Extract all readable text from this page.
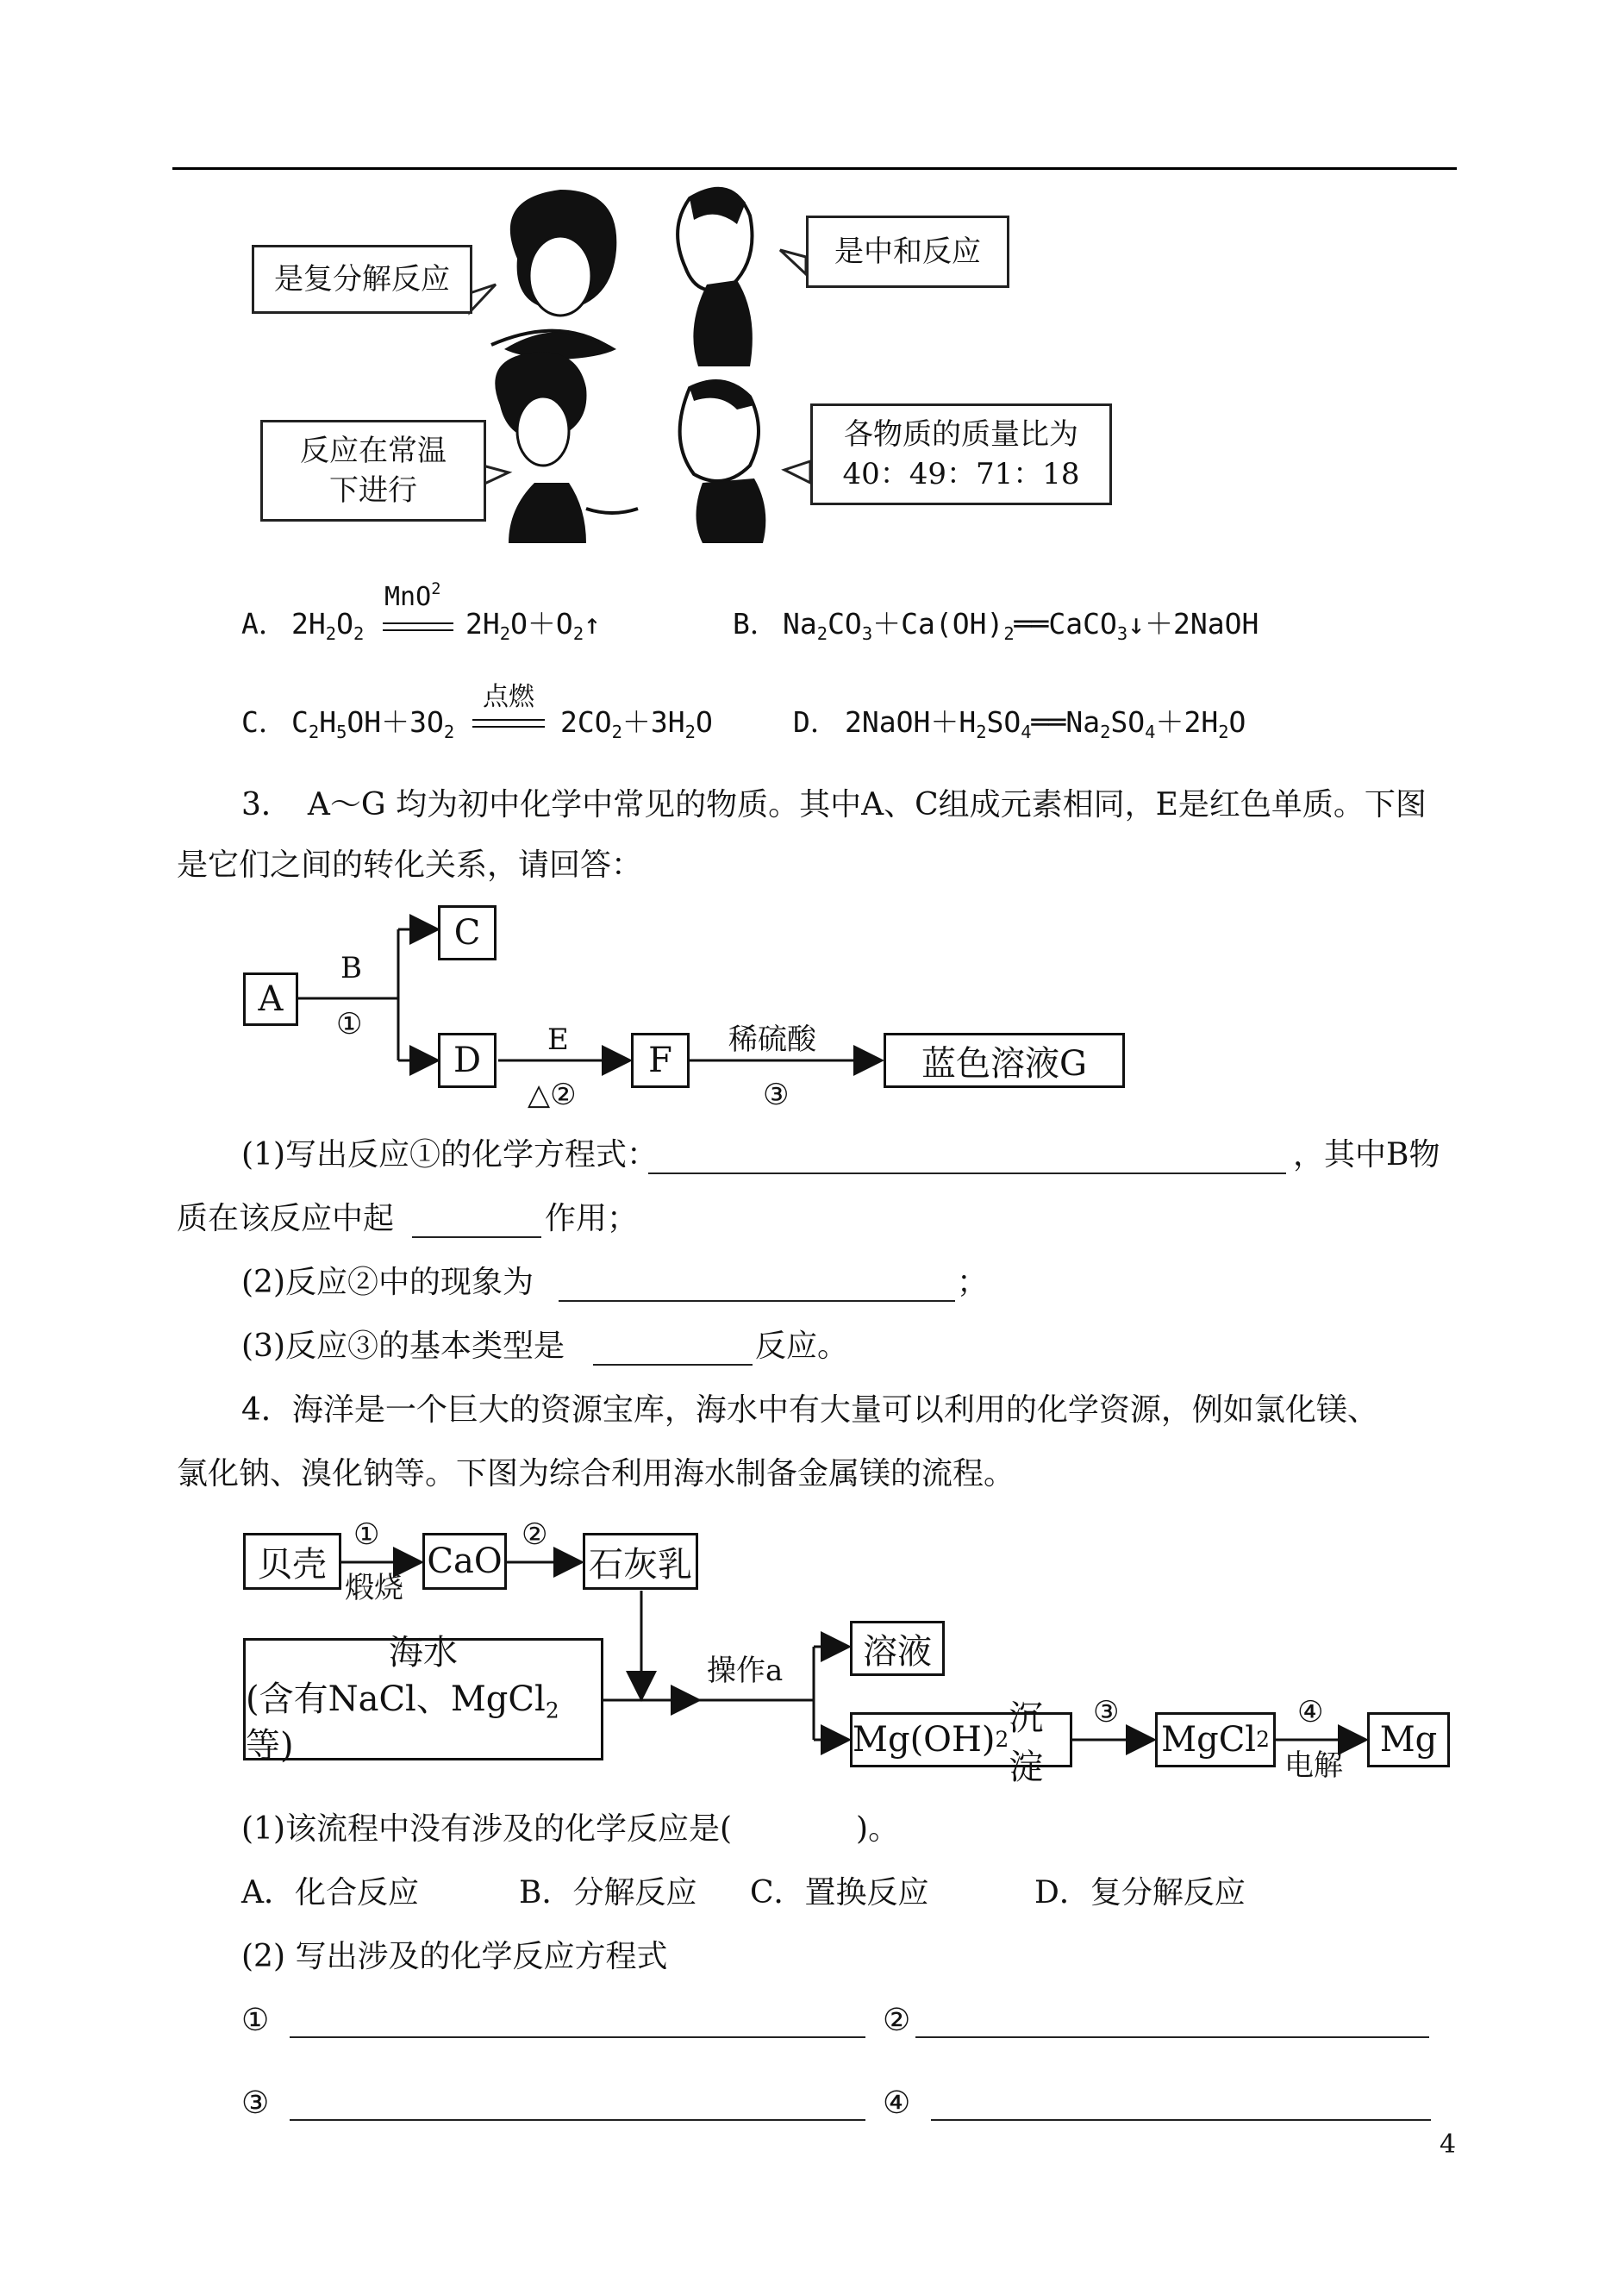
是复分解反应
是中和反应
反应在常温
下进行
各物质的质量比为
40：49：71：18
A． $2H_2O_2$
MnO$^2$
$2H_2O+O_2↑$	B． $Na_2CO_3+Ca(OH)_2══CaCO_3↓+2NaOH$
C． $C_2H_5OH+3O_2$
点燃
$2CO_2+3H_2O$	D． $2NaOH+H_2SO_4══Na_2SO_4+2H_2O$
3．　A～G 均为初中化学中常见的物质。其中A、C组成元素相同，E是红色单质。下图
是它们之间的转化关系，请回答：
A
C
D	F	蓝色溶液G
B
①	E
△②
稀硫酸
③
(1)写出反应①的化学方程式：	，其中B物
质在该反应中起	作用；
(2)反应②中的现象为	；
(3)反应③的基本类型是	反应。
4．海洋是一个巨大的资源宝库，海水中有大量可以利用的化学资源，例如氯化镁、
氯化钠、溴化钠等。下图为综合利用海水制备金属镁的流程。
贝壳	CaO	石灰乳
①
煅烧
②
海水
(含有NaCl、MgCl$_2$等)
操作a	溶液
Mg(OH) 2
沉淀
③
MgCl 2
④
电解
Mg
(1)该流程中没有涉及的化学反应是(　　　　)。
A．化合反应	B．分解反应 C．置换反应	D．复分解反应
(2) 写出涉及的化学反应方程式
①	②
③	④
4
